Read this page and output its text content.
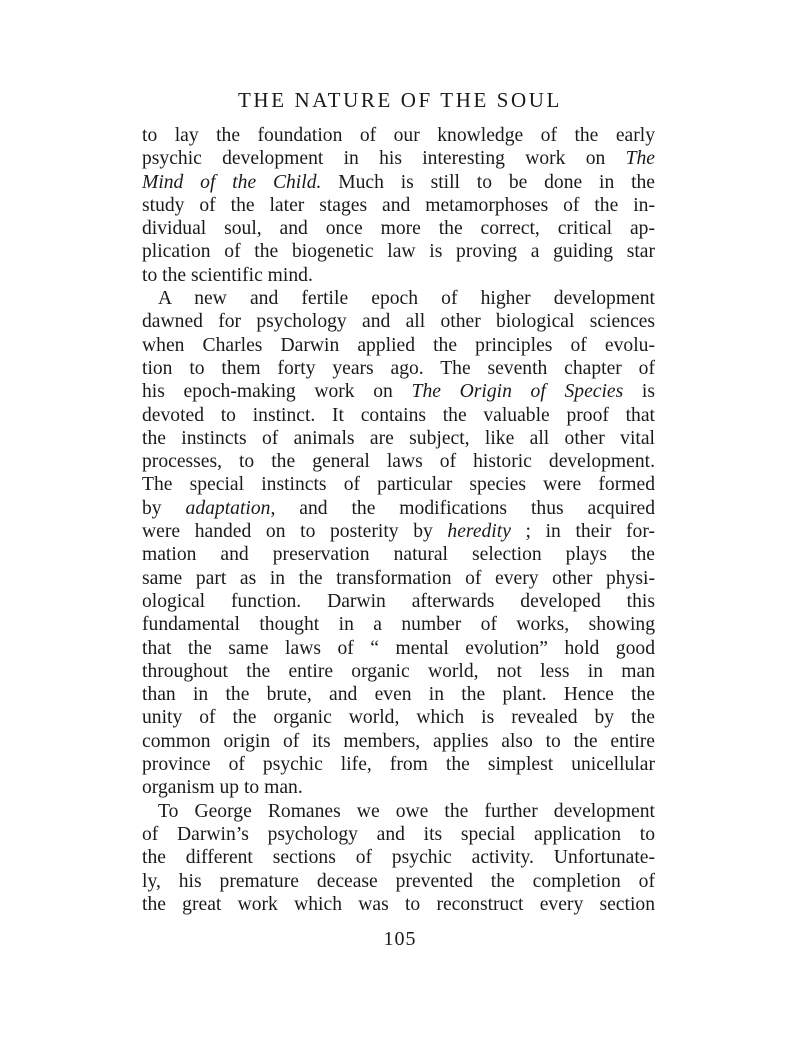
THE NATURE OF THE SOUL
to lay the foundation of our knowledge of the early
psychic development in his interesting work on The
Mind of the Child. Much is still to be done in the
study of the later stages and metamorphoses of the in-
dividual soul, and once more the correct, critical ap-
plication of the biogenetic law is proving a guiding star
to the scientific mind.
A new and fertile epoch of higher development
dawned for psychology and all other biological sciences
when Charles Darwin applied the principles of evolu-
tion to them forty years ago. The seventh chapter of
his epoch-making work on The Origin of Species is
devoted to instinct. It contains the valuable proof that
the instincts of animals are subject, like all other vital
processes, to the general laws of historic development.
The special instincts of particular species were formed
by adaptation, and the modifications thus acquired
were handed on to posterity by heredity ; in their for-
mation and preservation natural selection plays the
same part as in the transformation of every other physi-
ological function. Darwin afterwards developed this
fundamental thought in a number of works, showing
that the same laws of “ mental evolution” hold good
throughout the entire organic world, not less in man
than in the brute, and even in the plant. Hence the
unity of the organic world, which is revealed by the
common origin of its members, applies also to the entire
province of psychic life, from the simplest unicellular
organism up to man.
To George Romanes we owe the further development
of Darwin’s psychology and its special application to
the different sections of psychic activity. Unfortunate-
ly, his premature decease prevented the completion of
the great work which was to reconstruct every section
105
